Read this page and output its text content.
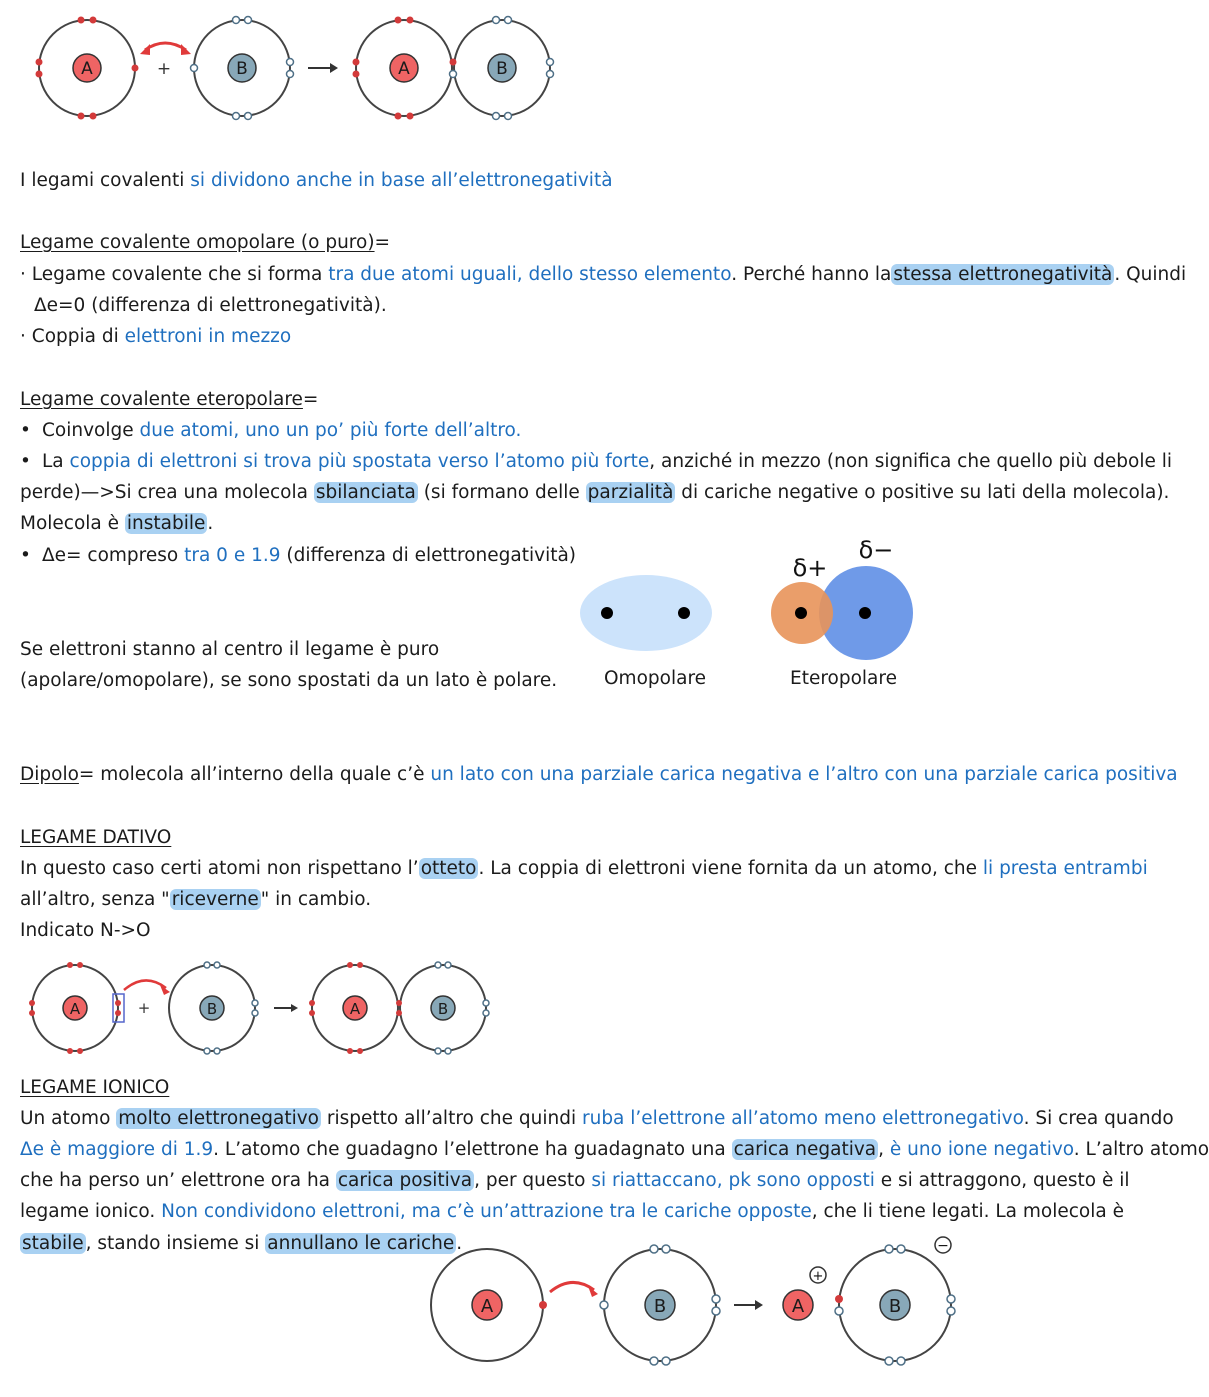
A	B	A	B
+
I legami covalenti si dividono anche in base all’elettronegatività
Legame covalente omopolare (o puro)=
· Legame covalente che si forma tra due atomi uguali, dello stesso elemento. Perché hanno la stessa elettronegatività . Quindi
Δe=0 (differenza di elettronegatività).
· Coppia di elettroni in mezzo
Legame covalente eteropolare=
• Coinvolge due atomi, uno un po’ più forte dell’altro.
• La coppia di elettroni si trova più spostata verso l’atomo più forte, anziché in mezzo (non significa che quello più debole li
perde)—>Si crea una molecola sbilanciata (si formano delle parzialità di cariche negative o positive su lati della molecola).
Molecola è instabile .
• Δe= compreso tra 0 e 1.9 (differenza di elettronegatività)
Se elettroni stanno al centro il legame è puro
(apolare/omopolare), se sono spostati da un lato è polare.
δ+
δ−
Omopolare	Eteropolare
Dipolo= molecola all’interno della quale c’è un lato con una parziale carica negativa e l’altro con una parziale carica positiva
LEGAME DATIVO
In questo caso certi atomi non rispettano l’ otteto . La coppia di elettroni viene fornita da un atomo, che li presta entrambi
all’altro, senza " riceverne " in cambio.
Indicato N->O
A	B	A	B
+
LEGAME IONICO
Un atomo molto elettronegativo rispetto all’altro che quindi ruba l’elettrone all’atomo meno elettronegativo. Si crea quando
Δe è maggiore di 1.9. L’atomo che guadagno l’elettrone ha guadagnato una carica negativa , è uno ione negativo. L’altro atomo
che ha perso un’ elettrone ora ha carica positiva , per questo si riattaccano, pk sono opposti e si attraggono, questo è il
legame ionico. Non condividono elettroni, ma c’è un’attrazione tra le cariche opposte, che li tiene legati. La molecola è
stabile , stando insieme si annullano le cariche .
A	B	A	B
+
−
